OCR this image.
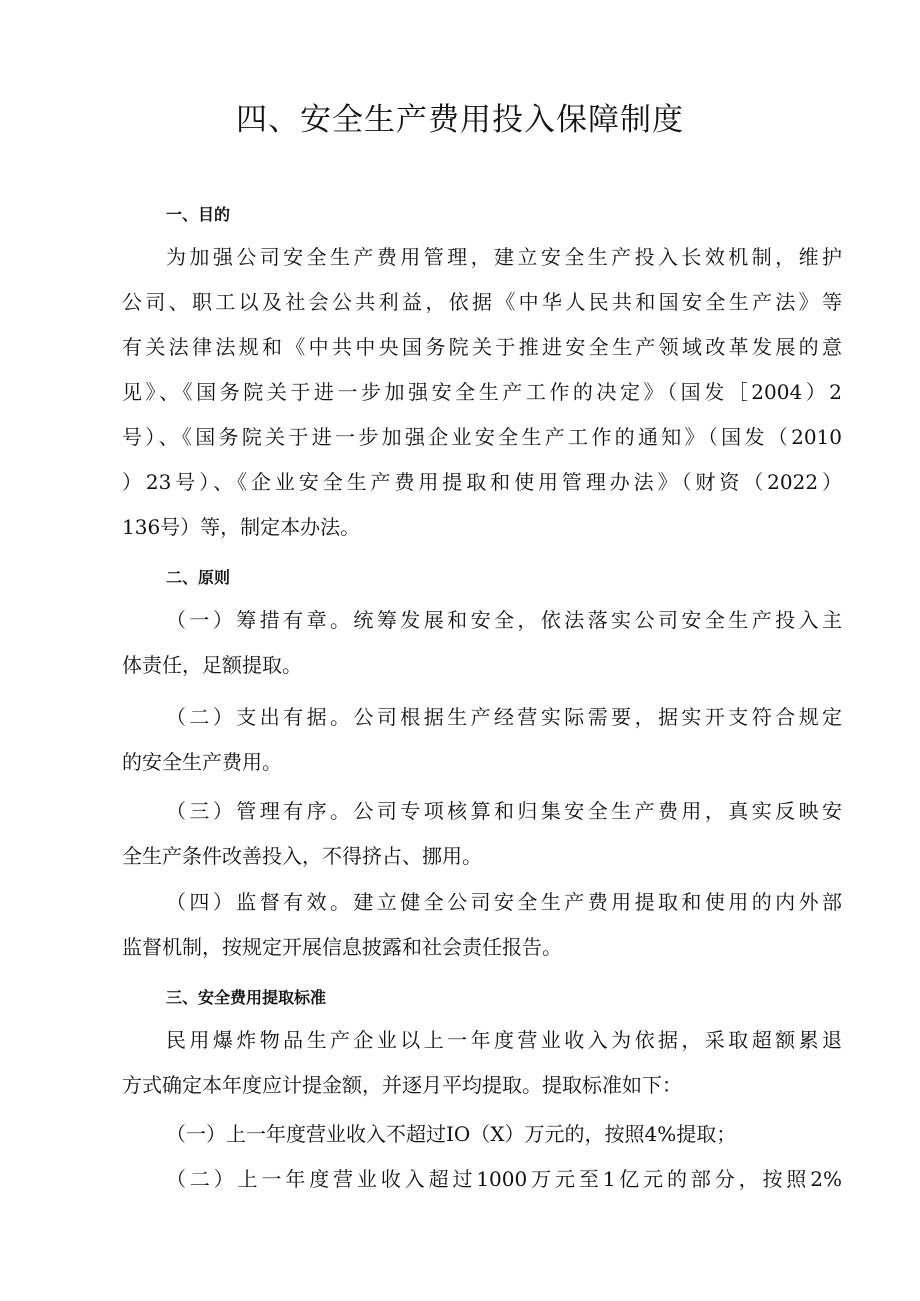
四、安全生产费用投入保障制度
一、目的

为加强公司安全生产费用管理，建立安全生产投入长效机制，维护

公司、职工以及社会公共利益，依据《中华人民共和国安全生产法》等

有关法律法规和《中共中央国务院关于推进安全生产领域改革发展的意

见》、《国务院关于进一步加强安全生产工作的决定》（国发［2004）2

号）、《国务院关于进一步加强企业安全生产工作的通知》（国发（2010

）23号）、《企业安全生产费用提取和使用管理办法》（财资（2022）

136号）等，制定本办法。

二、原则

（一）筹措有章。统筹发展和安全，依法落实公司安全生产投入主

体责任，足额提取。

（二）支出有据。公司根据生产经营实际需要，据实开支符合规定

的安全生产费用。

（三）管理有序。公司专项核算和归集安全生产费用，真实反映安

全生产条件改善投入，不得挤占、挪用。

（四）监督有效。建立健全公司安全生产费用提取和使用的内外部

监督机制，按规定开展信息披露和社会责任报告。

三、安全费用提取标准

民用爆炸物品生产企业以上一年度营业收入为依据，采取超额累退

方式确定本年度应计提金额，并逐月平均提取。提取标准如下：

（一）上一年度营业收入不超过IO（X）万元的，按照4%提取；

（二）上一年度营业收入超过1000万元至1亿元的部分，按照2%
